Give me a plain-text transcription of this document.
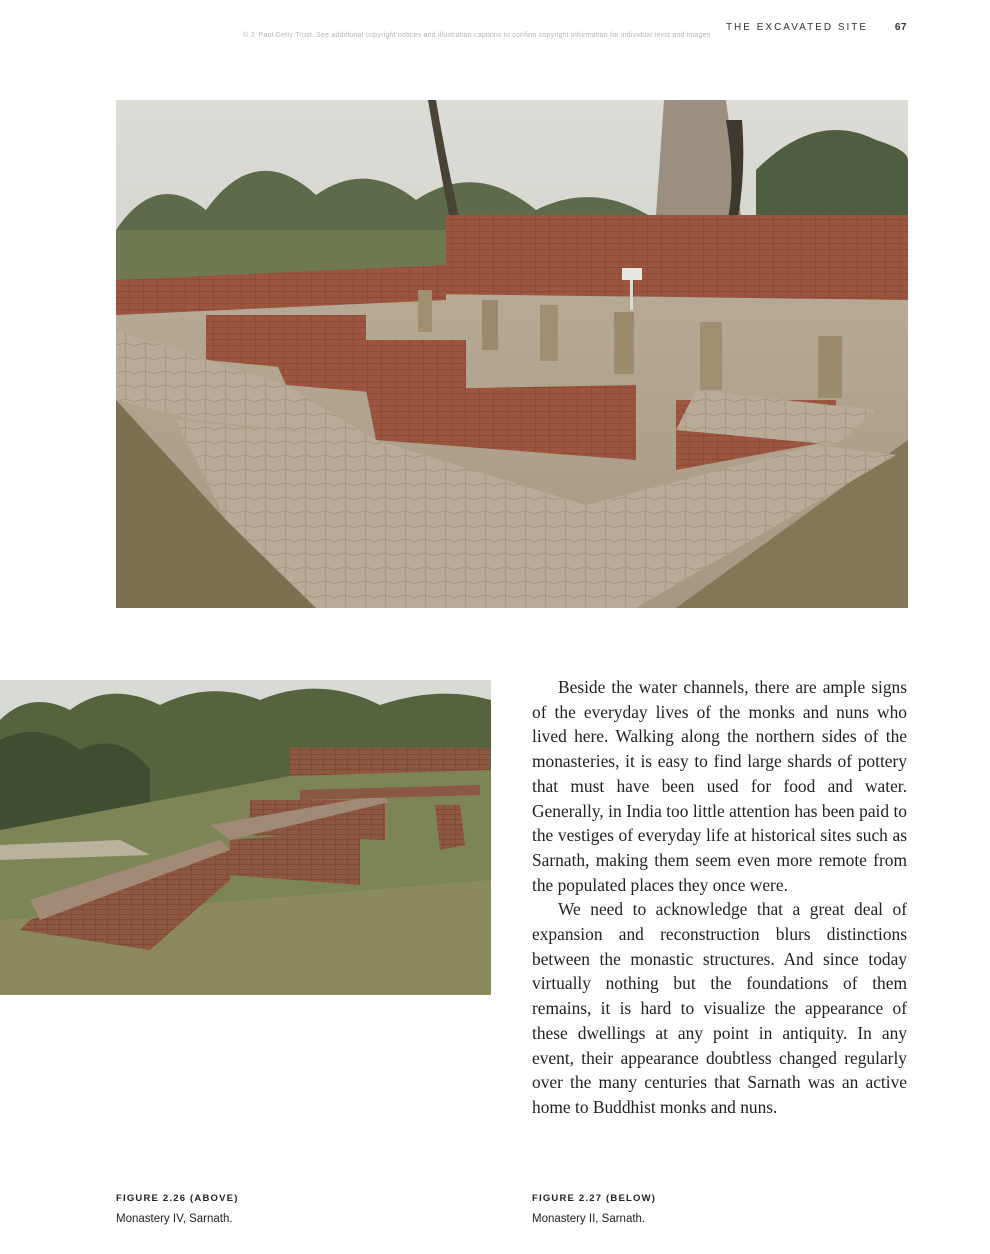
© J. Paul Getty Trust. See additional copyright notices and illustration captions to confirm copyright information for individual texts and images
THE EXCAVATED SITE	67

Beside the water channels, there are ample signs of the everyday lives of the monks and nuns who lived here. Walking along the northern sides of the monasteries, it is easy to find large shards of pottery that must have been used for food and water. Generally, in India too little attention has been paid to the vestiges of everyday life at historical sites such as Sarnath, making them seem even more remote from the populated places they once were.

We need to acknowledge that a great deal of expansion and reconstruction blurs distinctions between the monastic structures. And since today virtually nothing but the foundations of them remains, it is hard to visualize the appearance of these dwellings at any point in antiquity. In any event, their appearance doubtless changed regularly over the many centuries that Sarnath was an active home to Buddhist monks and nuns.

FIGURE 2.26 (ABOVE)
Monastery IV, Sarnath.
FIGURE 2.27 (BELOW)
Monastery II, Sarnath.
